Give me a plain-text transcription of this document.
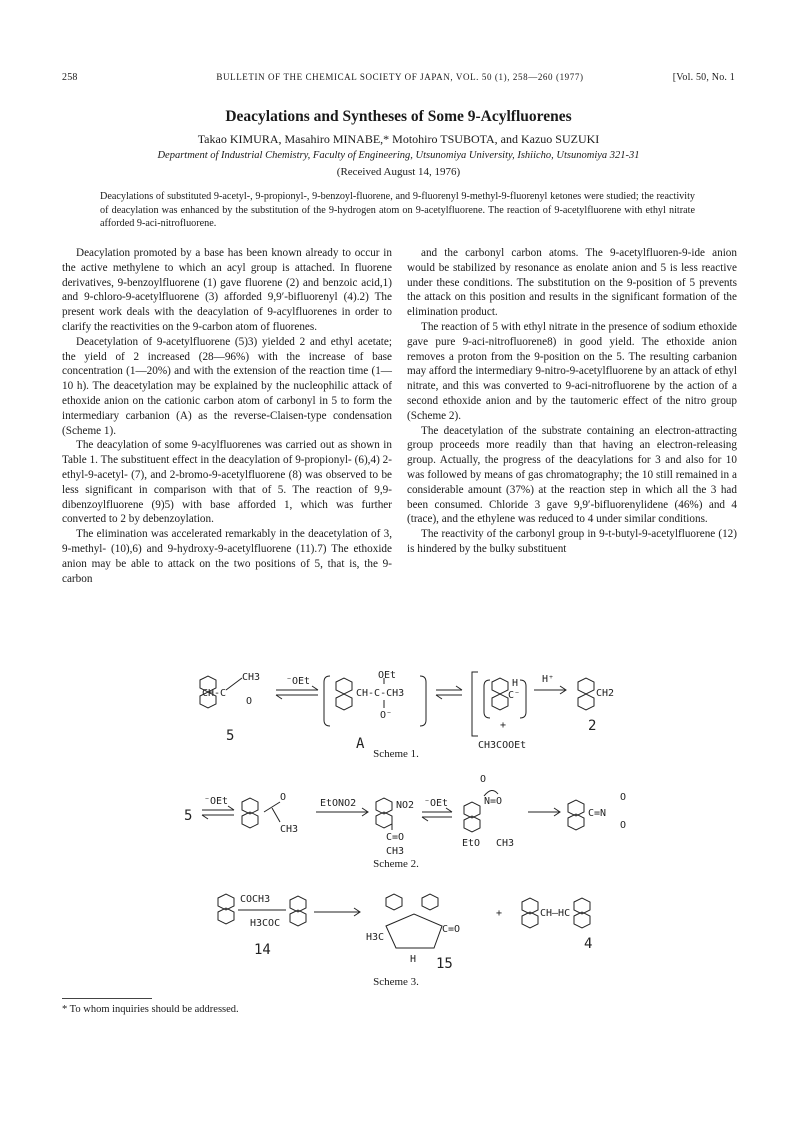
258	BULLETIN OF THE CHEMICAL SOCIETY OF JAPAN, VOL. 50 (1), 258—260 (1977)	[Vol. 50, No. 1
Deacylations and Syntheses of Some 9-Acylfluorenes
Takao KIMURA, Masahiro MINABE,* Motohiro TSUBOTA, and Kazuo SUZUKI
Department of Industrial Chemistry, Faculty of Engineering, Utsunomiya University, Ishiicho, Utsunomiya 321-31
(Received August 14, 1976)
Deacylations of substituted 9-acetyl-, 9-propionyl-, 9-benzoyl-fluorene, and 9-fluorenyl 9-methyl-9-fluorenyl ketones were studied; the reactivity of deacylation was enhanced by the substitution of the 9-hydrogen atom on 9-acetylfluorene. The reaction of 9-acetylfluorene with ethyl nitrate afforded 9-aci-nitrofluorene.

Deacylation promoted by a base has been known already to occur in the active methylene to which an acyl group is attached. In fluorene derivatives, 9-benzoylfluorene (1) gave fluorene (2) and benzoic acid,1) and 9-chloro-9-acetylfluorene (3) afforded 9,9′-bifluorenyl (4).2) The present work deals with the deacylation of 9-acylfluorenes in order to clarify the reactivities on the 9-carbon atom of fluorenes.

Deacetylation of 9-acetylfluorene (5)3) yielded 2 and ethyl acetate; the yield of 2 increased (28—96%) with the increase of base concentration (1—20%) and with the extension of the reaction time (1—10 h). The deacetylation may be explained by the nucleophilic attack of ethoxide anion on the cationic carbon atom of carbonyl in 5 to form the intermediary carbanion (A) as the reverse-Claisen-type condensation (Scheme 1).

The deacylation of some 9-acylfluorenes was carried out as shown in Table 1. The substituent effect in the deacylation of 9-propionyl- (6),4) 2-ethyl-9-acetyl- (7), and 2-bromo-9-acetylfluorene (8) was observed to be less significant in comparison with that of 5. The reaction of 9,9-dibenzoylfluorene (9)5) with base afforded 1, which was further converted to 2 by debenzoylation.

The elimination was accelerated remarkably in the deacetylation of 3, 9-methyl- (10),6) and 9-hydroxy-9-acetylfluorene (11).7) The ethoxide anion may be able to attack on the two positions of 5, that is, the 9-carbon

and the carbonyl carbon atoms. The 9-acetylfluoren-9-ide anion would be stabilized by resonance as enolate anion and 5 is less reactive under these conditions. The substitution on the 9-position of 5 prevents the attack on this position and results in the significant formation of the elimination product.

The reaction of 5 with ethyl nitrate in the presence of sodium ethoxide gave pure 9-aci-nitrofluorene8) in good yield. The ethoxide anion removes a proton from the 9-position on the 5. The resulting carbanion may afford the intermediary 9-nitro-9-acetylfluorene by an attack of ethyl nitrate, and this was converted to 9-aci-nitrofluorene by the action of a second ethoxide anion and by the tautomeric effect of the nitro group (Scheme 2).

The deacetylation of the substrate containing an electron-attracting group proceeds more readily than that having an electron-releasing group. Actually, the progress of the deacylations for 3 and also for 10 was followed by means of gas chromatography; the 10 still remained in a considerable amount (37%) at the reaction step in which all the 3 had been consumed. Chloride 3 gave 9,9′-bifluorenylidene (46%) and 4 (trace), and the ethylene was reduced to 4 under similar conditions.

The reactivity of the carbonyl group in 9-t-butyl-9-acetylfluorene (12) is hindered by the bulky substituent

CH3
CH-C
O
⁻OEt
OEt
CH-C-CH3
O⁻
H
C⁻
+
CH3COOEt
H⁺
CH2
5	A
2
Scheme 1.
⁻OEt	O
CH3
EtONO2	NO2
C=O
CH3
⁻OEt
O
N=O
EtO CH3
C=N
O
O
5
Scheme 2.
COCH3
H3COC
H3C
C=O
H
+	CH—HC
14
15
4
Scheme 3.
* To whom inquiries should be addressed.
